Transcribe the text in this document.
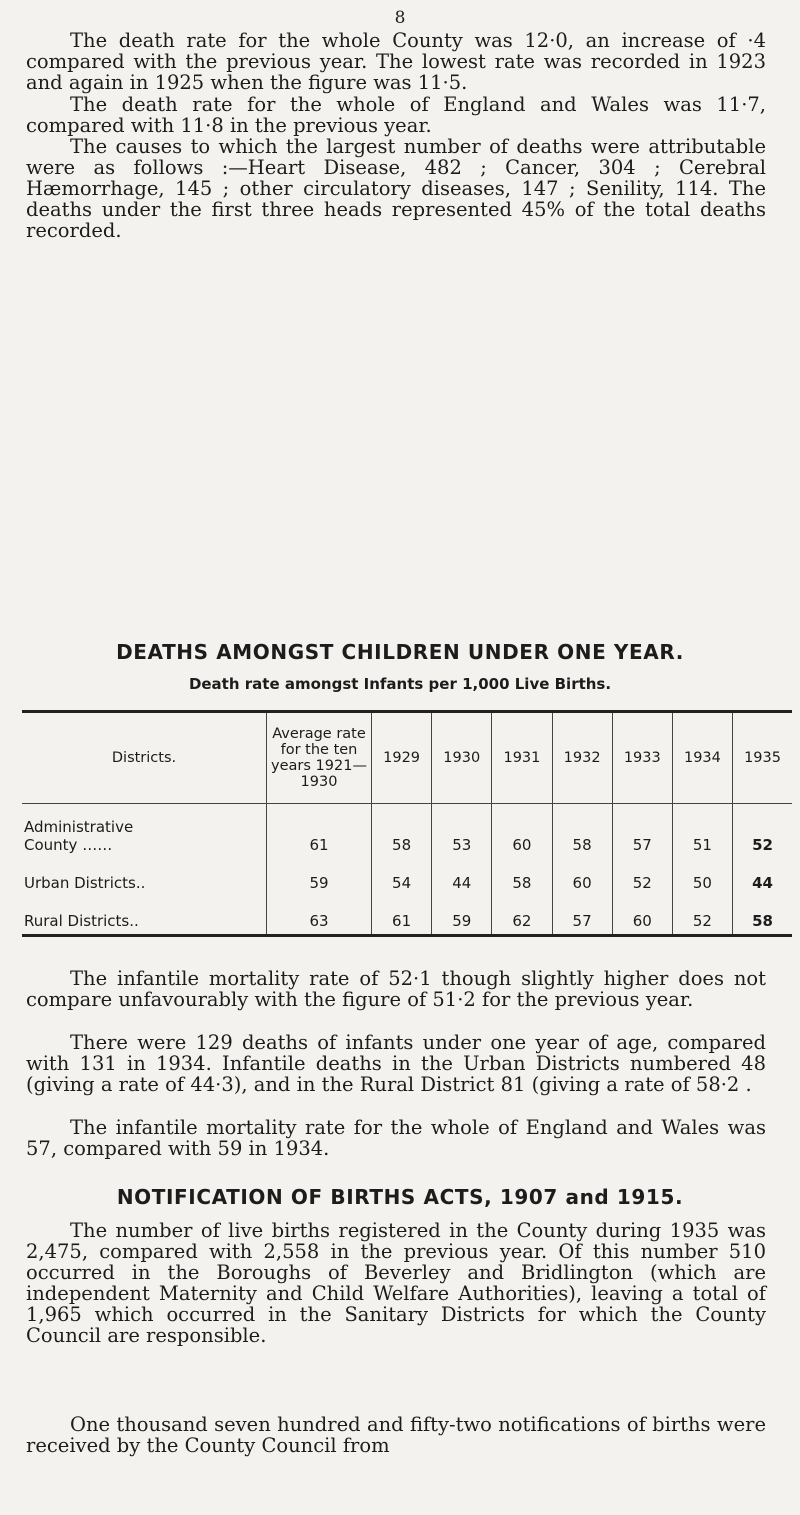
8

The death rate for the whole County was 12·0, an increase of ·4 compared with the previous year. The lowest rate was recorded in 1923 and again in 1925 when the figure was 11·5.

The death rate for the whole of England and Wales was 11·7, compared with 11·8 in the previous year.

The causes to which the largest number of deaths were attributable were as follows :—Heart Disease, 482 ; Cancer, 304 ; Cerebral Hæmorrhage, 145 ; other circulatory diseases, 147 ; Senility, 114. The deaths under the first three heads represented 45% of the total deaths recorded.

DEATHS AMONGST CHILDREN UNDER ONE YEAR.
Death rate amongst Infants per 1,000 Live Births.
Districts.	Average rate for the ten years 1921—1930	1929	1930	1931	1932	1933	1934	1935
Administrative
County ……	61	58	53	60	58	57	51	52
Urban Districts..	59	54	44	58	60	52	50	44
Rural Districts..	63	61	59	62	57	60	52	58

The infantile mortality rate of 52·1 though slightly higher does not compare unfavourably with the figure of 51·2 for the previous year.

There were 129 deaths of infants under one year of age, compared with 131 in 1934. Infantile deaths in the Urban Districts numbered 48 (giving a rate of 44·3), and in the Rural District 81 (giving a rate of 58·2 .

The infantile mortality rate for the whole of England and Wales was 57, compared with 59 in 1934.

NOTIFICATION OF BIRTHS ACTS, 1907 and 1915.

The number of live births registered in the County during 1935 was 2,475, compared with 2,558 in the previous year. Of this number 510 occurred in the Boroughs of Beverley and Bridlington (which are independent Maternity and Child Welfare Authorities), leaving a total of 1,965 which occurred in the Sanitary Districts for which the County Council are responsible.

One thousand seven hundred and fifty-two notifications of births were received by the County Council from
